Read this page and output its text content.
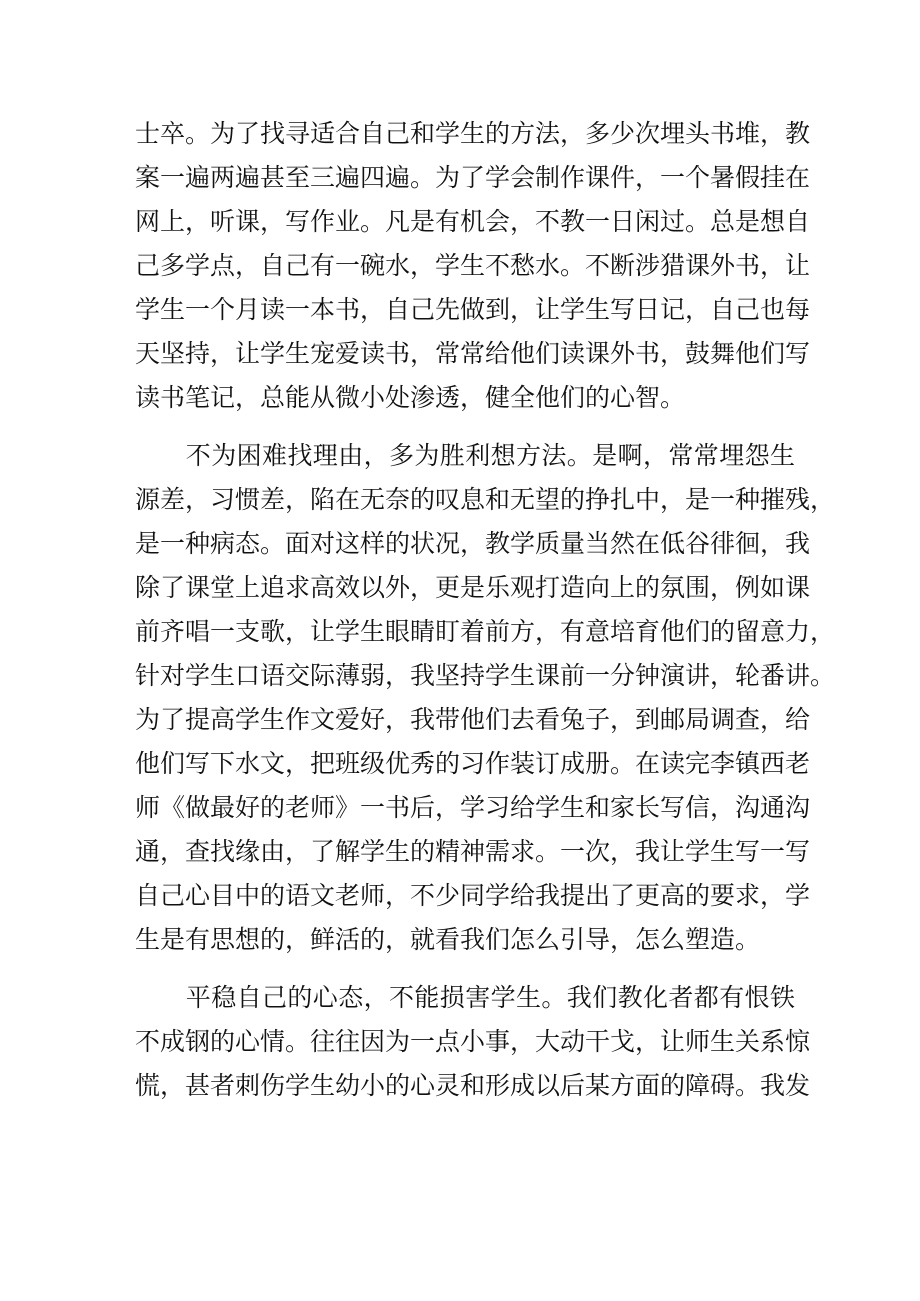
士卒。为了找寻适合自己和学生的方法，多少次埋头书堆，教
案一遍两遍甚至三遍四遍。为了学会制作课件，一个暑假挂在
网上，听课，写作业。凡是有机会，不教一日闲过。总是想自
己多学点，自己有一碗水，学生不愁水。不断涉猎课外书，让
学生一个月读一本书，自己先做到，让学生写日记，自己也每
天坚持，让学生宠爱读书，常常给他们读课外书，鼓舞他们写
读书笔记，总能从微小处渗透，健全他们的心智。
　　不为困难找理由，多为胜利想方法。是啊，常常埋怨生
源差，习惯差，陷在无奈的叹息和无望的挣扎中，是一种摧残，
是一种病态。面对这样的状况，教学质量当然在低谷徘徊，我
除了课堂上追求高效以外，更是乐观打造向上的氛围，例如课
前齐唱一支歌，让学生眼睛盯着前方，有意培育他们的留意力，
针对学生口语交际薄弱，我坚持学生课前一分钟演讲，轮番讲。
为了提高学生作文爱好，我带他们去看兔子，到邮局调查，给
他们写下水文，把班级优秀的习作装订成册。在读完李镇西老
师《做最好的老师》一书后，学习给学生和家长写信，沟通沟
通，查找缘由，了解学生的精神需求。一次，我让学生写一写
自己心目中的语文老师，不少同学给我提出了更高的要求，学
生是有思想的，鲜活的，就看我们怎么引导，怎么塑造。
　　平稳自己的心态，不能损害学生。我们教化者都有恨铁
不成钢的心情。往往因为一点小事，大动干戈，让师生关系惊
慌，甚者刺伤学生幼小的心灵和形成以后某方面的障碍。我发
